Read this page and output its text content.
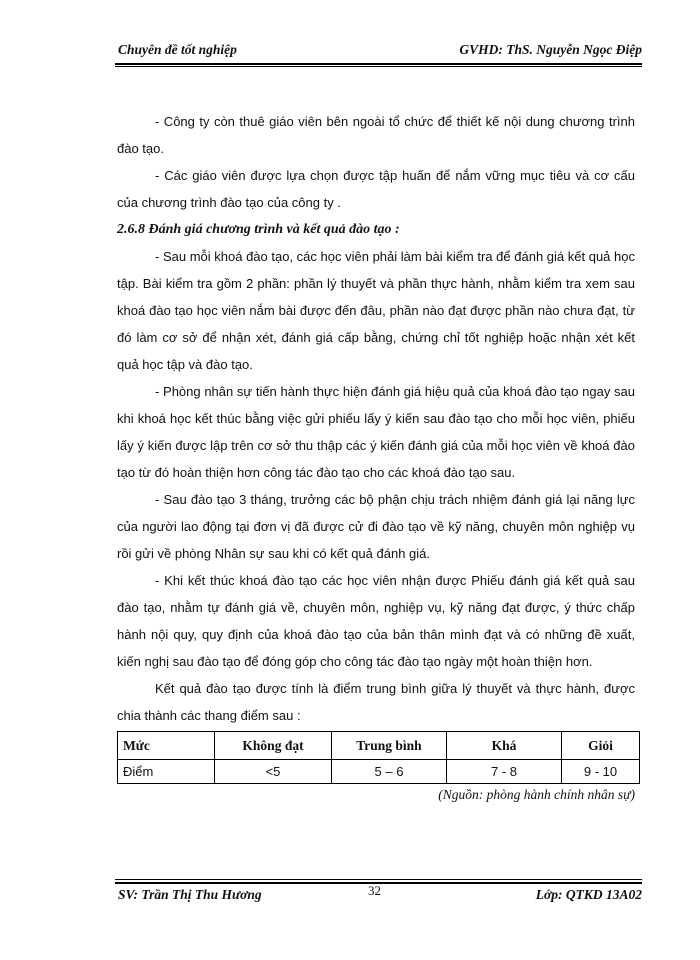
Chuyên đề tốt nghiệp	GVHD: ThS. Nguyễn Ngọc Điệp

- Công ty còn thuê giáo viên bên ngoài tổ chức để thiết kế nội dung chương trình đào tạo.

- Các giáo viên được lựa chọn được tập huấn để nắm vững mục tiêu và cơ cấu của chương trình đào tạo của công ty .

2.6.8 Đánh giá chương trình và kết quả đào tạo :

- Sau mỗi khoá đào tạo, các học viên phải làm bài kiểm tra để đánh giá kết quả học tập. Bài kiểm tra gồm 2 phần: phần lý thuyết và phần thực hành, nhằm kiểm tra xem sau khoá đào tạo học viên nắm bài được đến đâu, phần nào đạt được phần nào chưa đạt, từ đó làm cơ sở để nhận xét, đánh giá cấp bằng, chứng chỉ tốt nghiệp hoặc nhận xét kết quả học tập và đào tạo.

- Phòng nhân sự tiến hành thực hiện đánh giá hiệu quả của khoá đào tạo ngay sau khi khoá học kết thúc bằng việc gửi phiếu lấy ý kiến sau đào tạo cho mỗi học viên, phiếu lấy ý kiến được lập trên cơ sở thu thập các ý kiến đánh giá của mỗi học viên về khoá đào tạo từ đó hoàn thiện hơn công tác đào tạo cho các khoá đào tạo sau.

- Sau đào tạo 3 tháng, trưởng các bộ phận chịu trách nhiệm đánh giá lại năng lực của người lao động tại đơn vị đã được cử đi đào tạo về kỹ năng, chuyên môn nghiệp vụ rồi gửi về phòng Nhân sự sau khi có kết quả đánh giá.

- Khi kết thúc khoá đào tạo các học viên nhận được Phiếu đánh giá kết quả sau đào tạo, nhằm tự đánh giá về, chuyên môn, nghiệp vụ, kỹ năng đạt được, ý thức chấp hành nội quy, quy định của khoá đào tạo của bản thân mình đạt và có những đề xuất, kiến nghị sau đào tạo để đóng góp cho công tác đào tạo ngày một hoàn thiện hơn.

Kết quả đào tạo được tính là điểm trung bình giữa lý thuyết và thực hành, được chia thành các thang điểm sau :

Mức	Không đạt	Trung bình	Khá	Giỏi
Điểm	<5	5 – 6	7 - 8	9 - 10

(Nguồn: phòng hành chính nhân sự)

SV: Trần Thị Thu Hương	32	Lớp: QTKD 13A02
